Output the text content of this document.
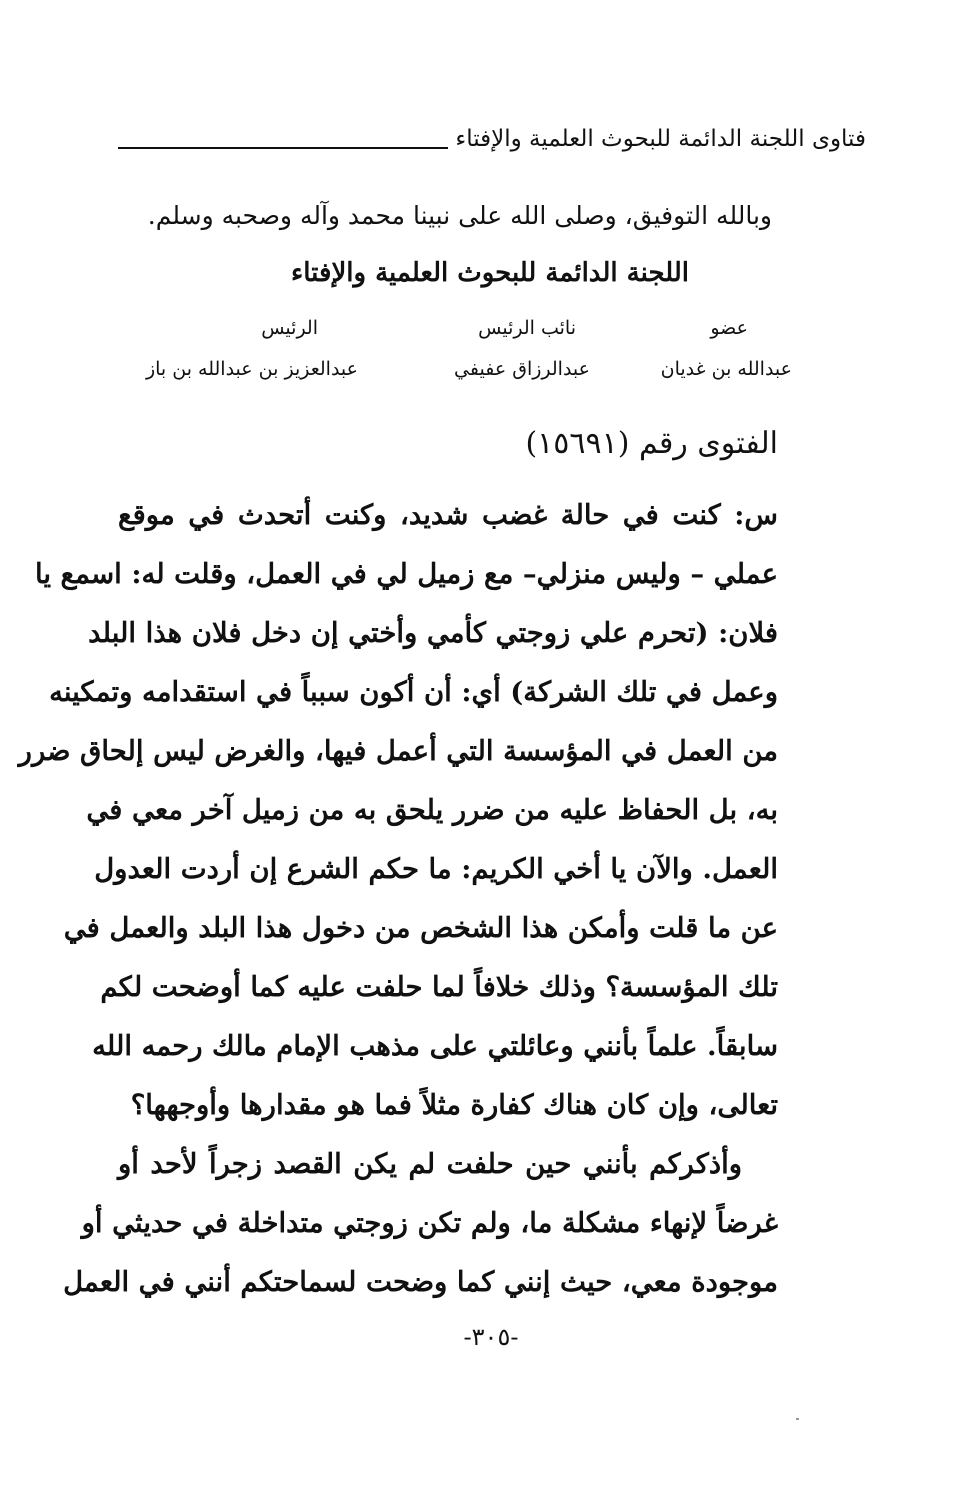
فتاوى اللجنة الدائمة للبحوث العلمية والإفتاء
وبالله التوفيق، وصلى الله على نبينا محمد وآله وصحبه وسلم.
اللجنة الدائمة للبحوث العلمية والإفتاء
عضو
نائب الرئيس
الرئيس
عبدالله بن غديان
عبدالرزاق عفيفي
عبدالعزيز بن عبدالله بن باز
الفتوى رقم (١٥٦٩١)
س: كنت في حالة غضب شديد، وكنت أتحدث في موقع
عملي – وليس منزلي– مع زميل لي في العمل، وقلت له: اسمع يا
فلان: (تحرم علي زوجتي كأمي وأختي إن دخل فلان هذا البلد
وعمل في تلك الشركة) أي: أن أكون سبباً في استقدامه وتمكينه
من العمل في المؤسسة التي أعمل فيها، والغرض ليس إلحاق ضرر
به، بل الحفاظ عليه من ضرر يلحق به من زميل آخر معي في
العمل. والآن يا أخي الكريم: ما حكم الشرع إن أردت العدول
عن ما قلت وأمكن هذا الشخص من دخول هذا البلد والعمل في
تلك المؤسسة؟ وذلك خلافاً لما حلفت عليه كما أوضحت لكم
سابقاً. علماً بأنني وعائلتي على مذهب الإمام مالك رحمه الله
تعالى، وإن كان هناك كفارة مثلاً فما هو مقدارها وأوجهها؟
وأذكركم بأنني حين حلفت لم يكن القصد زجراً لأحد أو
غرضاً لإنهاء مشكلة ما، ولم تكن زوجتي متداخلة في حديثي أو
موجودة معي، حيث إنني كما وضحت لسماحتكم أنني في العمل
-٣٠٥-
